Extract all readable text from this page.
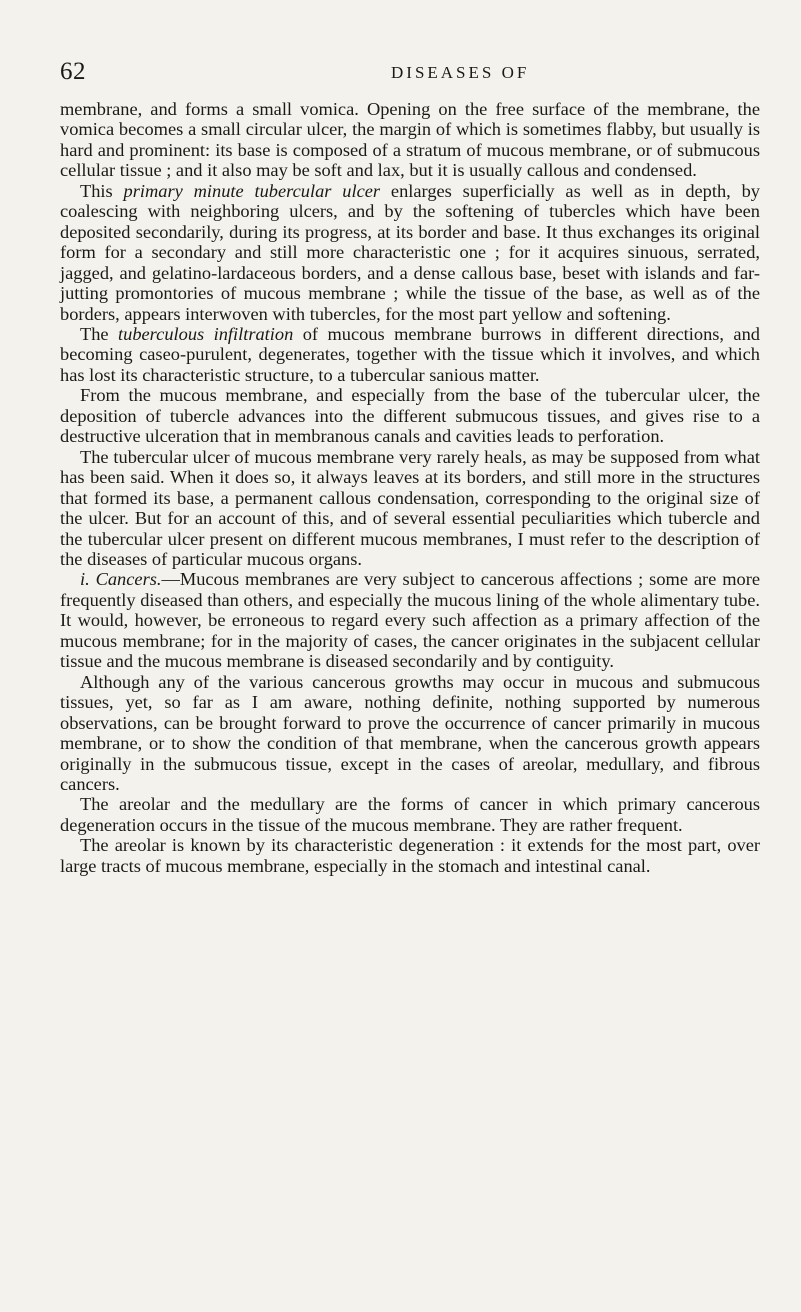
62	DISEASES OF

membrane, and forms a small vomica. Opening on the free surface of the membrane, the vomica becomes a small circular ulcer, the margin of which is sometimes flabby, but usually is hard and prominent: its base is composed of a stratum of mucous membrane, or of submucous cellular tissue ; and it also may be soft and lax, but it is usually callous and condensed.

This primary minute tubercular ulcer enlarges superficially as well as in depth, by coalescing with neighboring ulcers, and by the softening of tubercles which have been deposited secondarily, during its progress, at its border and base. It thus exchanges its original form for a secondary and still more characteristic one ; for it acquires sinuous, serrated, jagged, and gelatino-lardaceous borders, and a dense callous base, beset with islands and far-jutting promontories of mucous membrane ; while the tissue of the base, as well as of the borders, appears interwoven with tubercles, for the most part yellow and softening.

The tuberculous infiltration of mucous membrane burrows in different directions, and becoming caseo-purulent, degenerates, together with the tissue which it involves, and which has lost its characteristic structure, to a tubercular sanious matter.

From the mucous membrane, and especially from the base of the tubercular ulcer, the deposition of tubercle advances into the different submucous tissues, and gives rise to a destructive ulceration that in membranous canals and cavities leads to perforation.

The tubercular ulcer of mucous membrane very rarely heals, as may be supposed from what has been said. When it does so, it always leaves at its borders, and still more in the structures that formed its base, a permanent callous condensation, corresponding to the original size of the ulcer. But for an account of this, and of several essential peculiarities which tubercle and the tubercular ulcer present on different mucous membranes, I must refer to the description of the diseases of particular mucous organs.

i. Cancers.—Mucous membranes are very subject to cancerous affections ; some are more frequently diseased than others, and especially the mucous lining of the whole alimentary tube. It would, however, be erroneous to regard every such affection as a primary affection of the mucous membrane; for in the majority of cases, the cancer originates in the subjacent cellular tissue and the mucous membrane is diseased secondarily and by contiguity.

Although any of the various cancerous growths may occur in mucous and submucous tissues, yet, so far as I am aware, nothing definite, nothing supported by numerous observations, can be brought forward to prove the occurrence of cancer primarily in mucous membrane, or to show the condition of that membrane, when the cancerous growth appears originally in the submucous tissue, except in the cases of areolar, medullary, and fibrous cancers.

The areolar and the medullary are the forms of cancer in which primary cancerous degeneration occurs in the tissue of the mucous membrane. They are rather frequent.

The areolar is known by its characteristic degeneration : it extends for the most part, over large tracts of mucous membrane, especially in the stomach and intestinal canal.
